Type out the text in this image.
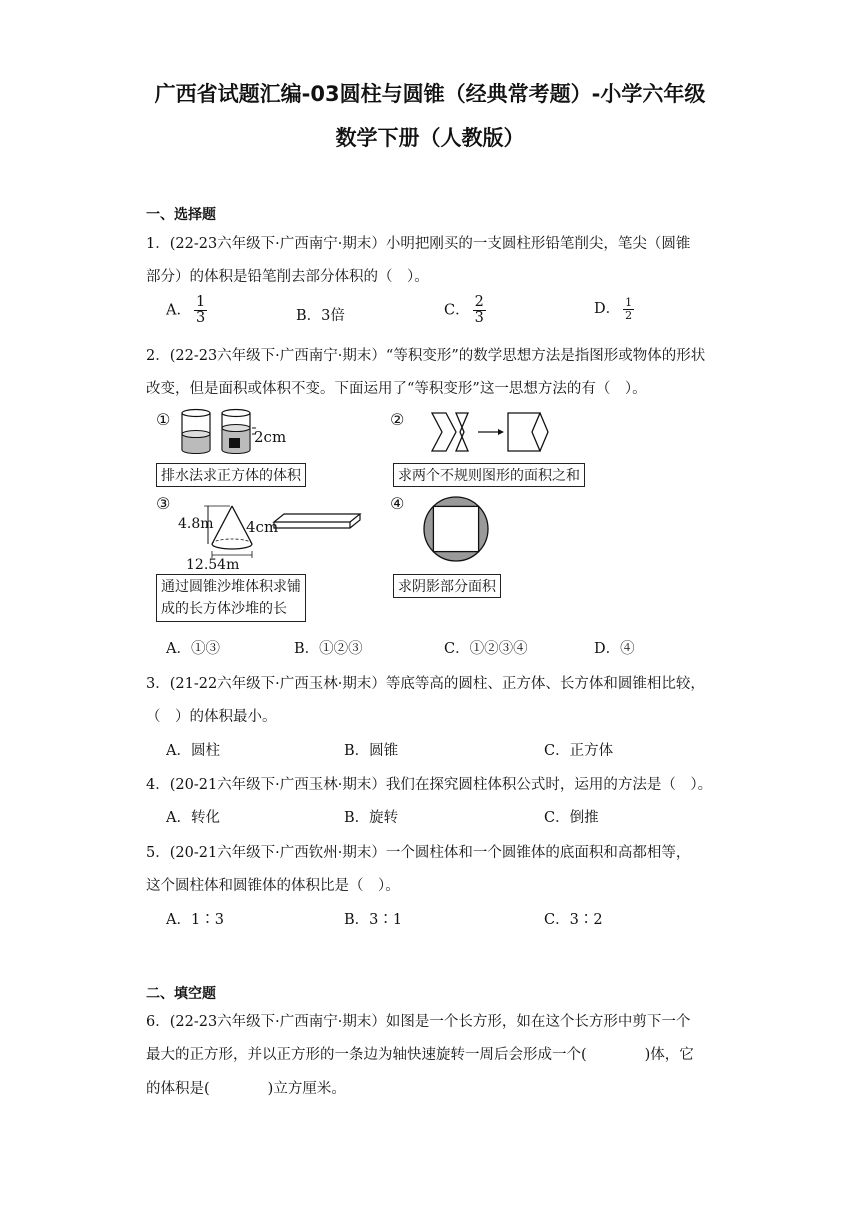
广西省试题汇编-03圆柱与圆锥（经典常考题）-小学六年级
数学下册（人教版）
一、选择题
1．(22-23六年级下·广西南宁·期末）小明把刚买的一支圆柱形铅笔削尖，笔尖（圆锥
部分）的体积是铅笔削去部分体积的（　）。
A． $\frac{1}{3}$	B．3倍	C． $\frac{2}{3}$	D． $\frac{1}{2}$
2．(22-23六年级下·广西南宁·期末）“等积变形”的数学思想方法是指图形或物体的形状
改变，但是面积或体积不变。下面运用了“等积变形”这一思想方法的有（　）。
①
2cm
排水法求正方体的体积
②
求两个不规则图形的面积之和
③
4.8m 4cm
12.54m
通过圆锥沙堆体积求铺
成的长方体沙堆的长
④
求阴影部分面积
A．①③	B．①②③	C．①②③④	D．④
3．(21-22六年级下·广西玉林·期末）等底等高的圆柱、正方体、长方体和圆锥相比较，
（　）的体积最小。
A．圆柱	B．圆锥	C．正方体
4．(20-21六年级下·广西玉林·期末）我们在探究圆柱体积公式时，运用的方法是（　）。
A．转化	B．旋转	C．倒推
5．(20-21六年级下·广西钦州·期末）一个圆柱体和一个圆锥体的底面积和高都相等，
这个圆柱体和圆锥体的体积比是（　）。
A．1∶3	B．3∶1	C．3∶2
二、填空题
6．(22-23六年级下·广西南宁·期末）如图是一个长方形，如在这个长方形中剪下一个
最大的正方形，并以正方形的一条边为轴快速旋转一周后会形成一个(　　　　)体，它
的体积是(　　　　)立方厘米。
